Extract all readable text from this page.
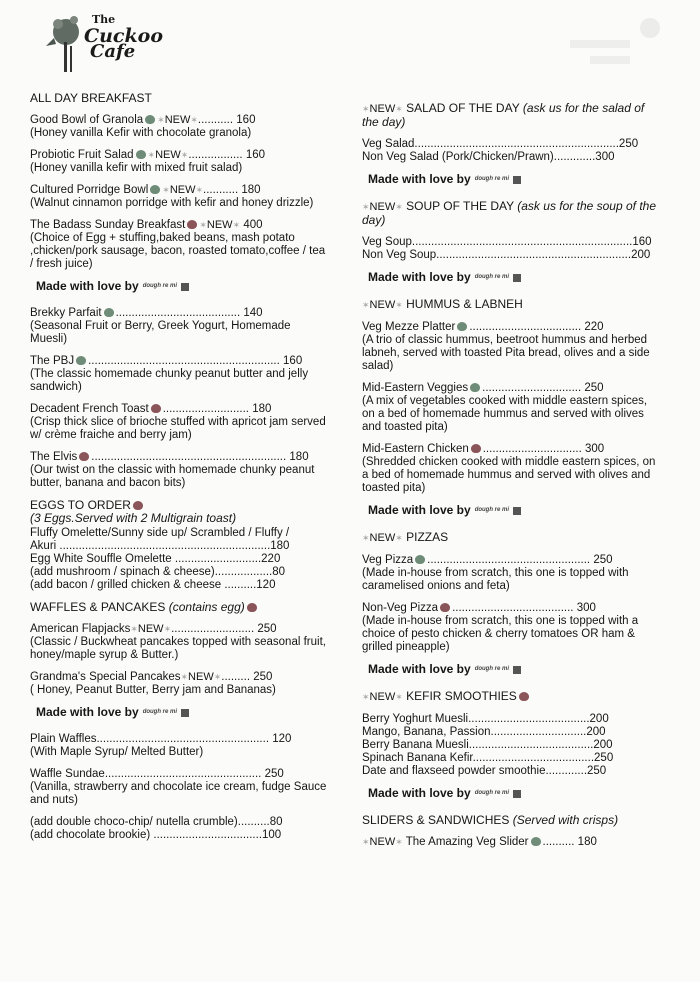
The
Cuckoo
Cafe
ALL DAY BREAKFAST
Good Bowl of Granola ✶NEW✶........... 160
(Honey vanilla Kefir with chocolate granola)
Probiotic Fruit Salad ✶NEW✶................. 160
(Honey vanilla kefir with mixed fruit salad)
Cultured Porridge Bowl ✶NEW✶........... 180
(Walnut cinnamon porridge with kefir and honey drizzle)
The Badass Sunday Breakfast ✶NEW✶ 400
(Choice of Egg + stuffing,baked beans, mash potato ,chicken/pork sausage, bacon, roasted tomato,coffee / tea / fresh juice)
Made with love by dough re mi
Brekky Parfait ....................................... 140
(Seasonal Fruit or Berry, Greek Yogurt, Homemade Muesli)
The PBJ ............................................................ 160
(The classic homemade chunky peanut butter and jelly sandwich)
Decadent French Toast ........................... 180
(Crisp thick slice of brioche stuffed with apricot jam served w/ crème fraiche and berry jam)
The Elvis ............................................................. 180
(Our twist on the classic with homemade chunky peanut butter, banana and bacon bits)
EGGS TO ORDER
(3 Eggs.Served with 2 Multigrain toast)
Fluffy Omelette/Sunny side up/ Scrambled / Fluffy /
Akuri ..................................................................180
Egg White Souffle Omelette ...........................220
(add mushroom / spinach & cheese)..................80
(add bacon / grilled chicken & cheese ..........120
WAFFLES & PANCAKES (contains egg)
American Flapjacks✶NEW✶.......................... 250
(Classic / Buckwheat pancakes topped with seasonal fruit, honey/maple syrup & Butter.)
Grandma's Special Pancakes✶NEW✶......... 250
( Honey, Peanut Butter, Berry jam and Bananas)
Made with love by dough re mi
Plain Waffles...................................................... 120
(With Maple Syrup/ Melted Butter)
Waffle Sundae................................................. 250
(Vanilla, strawberry and chocolate ice cream, fudge Sauce and nuts)
(add double choco-chip/ nutella crumble)..........80
(add chocolate brookie) ..................................100
✶NEW✶ SALAD OF THE DAY (ask us for the salad of the day)
Veg Salad................................................................250
Non Veg Salad (Pork/Chicken/Prawn).............300
Made with love by dough re mi
✶NEW✶ SOUP OF THE DAY (ask us for the soup of the day)
Veg Soup.....................................................................160
Non Veg Soup.............................................................200
Made with love by dough re mi
✶NEW✶ HUMMUS & LABNEH
Veg Mezze Platter ................................... 220
(A trio of classic hummus, beetroot hummus and herbed labneh, served with toasted Pita bread, olives and a side salad)
Mid-Eastern Veggies ............................... 250
(A mix of vegetables cooked with middle eastern spices, on a bed of homemade hummus and served with olives and toasted pita)
Mid-Eastern Chicken ............................... 300
(Shredded chicken cooked with middle eastern spices, on a bed of homemade hummus and served with olives and toasted pita)
Made with love by dough re mi
✶NEW✶ PIZZAS
Veg Pizza ................................................... 250
(Made in-house from scratch, this one is topped with caramelised onions and feta)
Non-Veg Pizza ...................................... 300
(Made in-house from scratch, this one is topped with a choice of pesto chicken & cherry tomatoes OR ham & grilled pineapple)
Made with love by dough re mi
✶NEW✶ KEFIR SMOOTHIES
Berry Yoghurt Muesli......................................200
Mango, Banana, Passion..............................200
Berry Banana Muesli.......................................200
Spinach Banana Kefir......................................250
Date and flaxseed powder smoothie.............250
Made with love by dough re mi
SLIDERS & SANDWICHES (Served with crisps)
✶NEW✶ The Amazing Veg Slider .......... 180
